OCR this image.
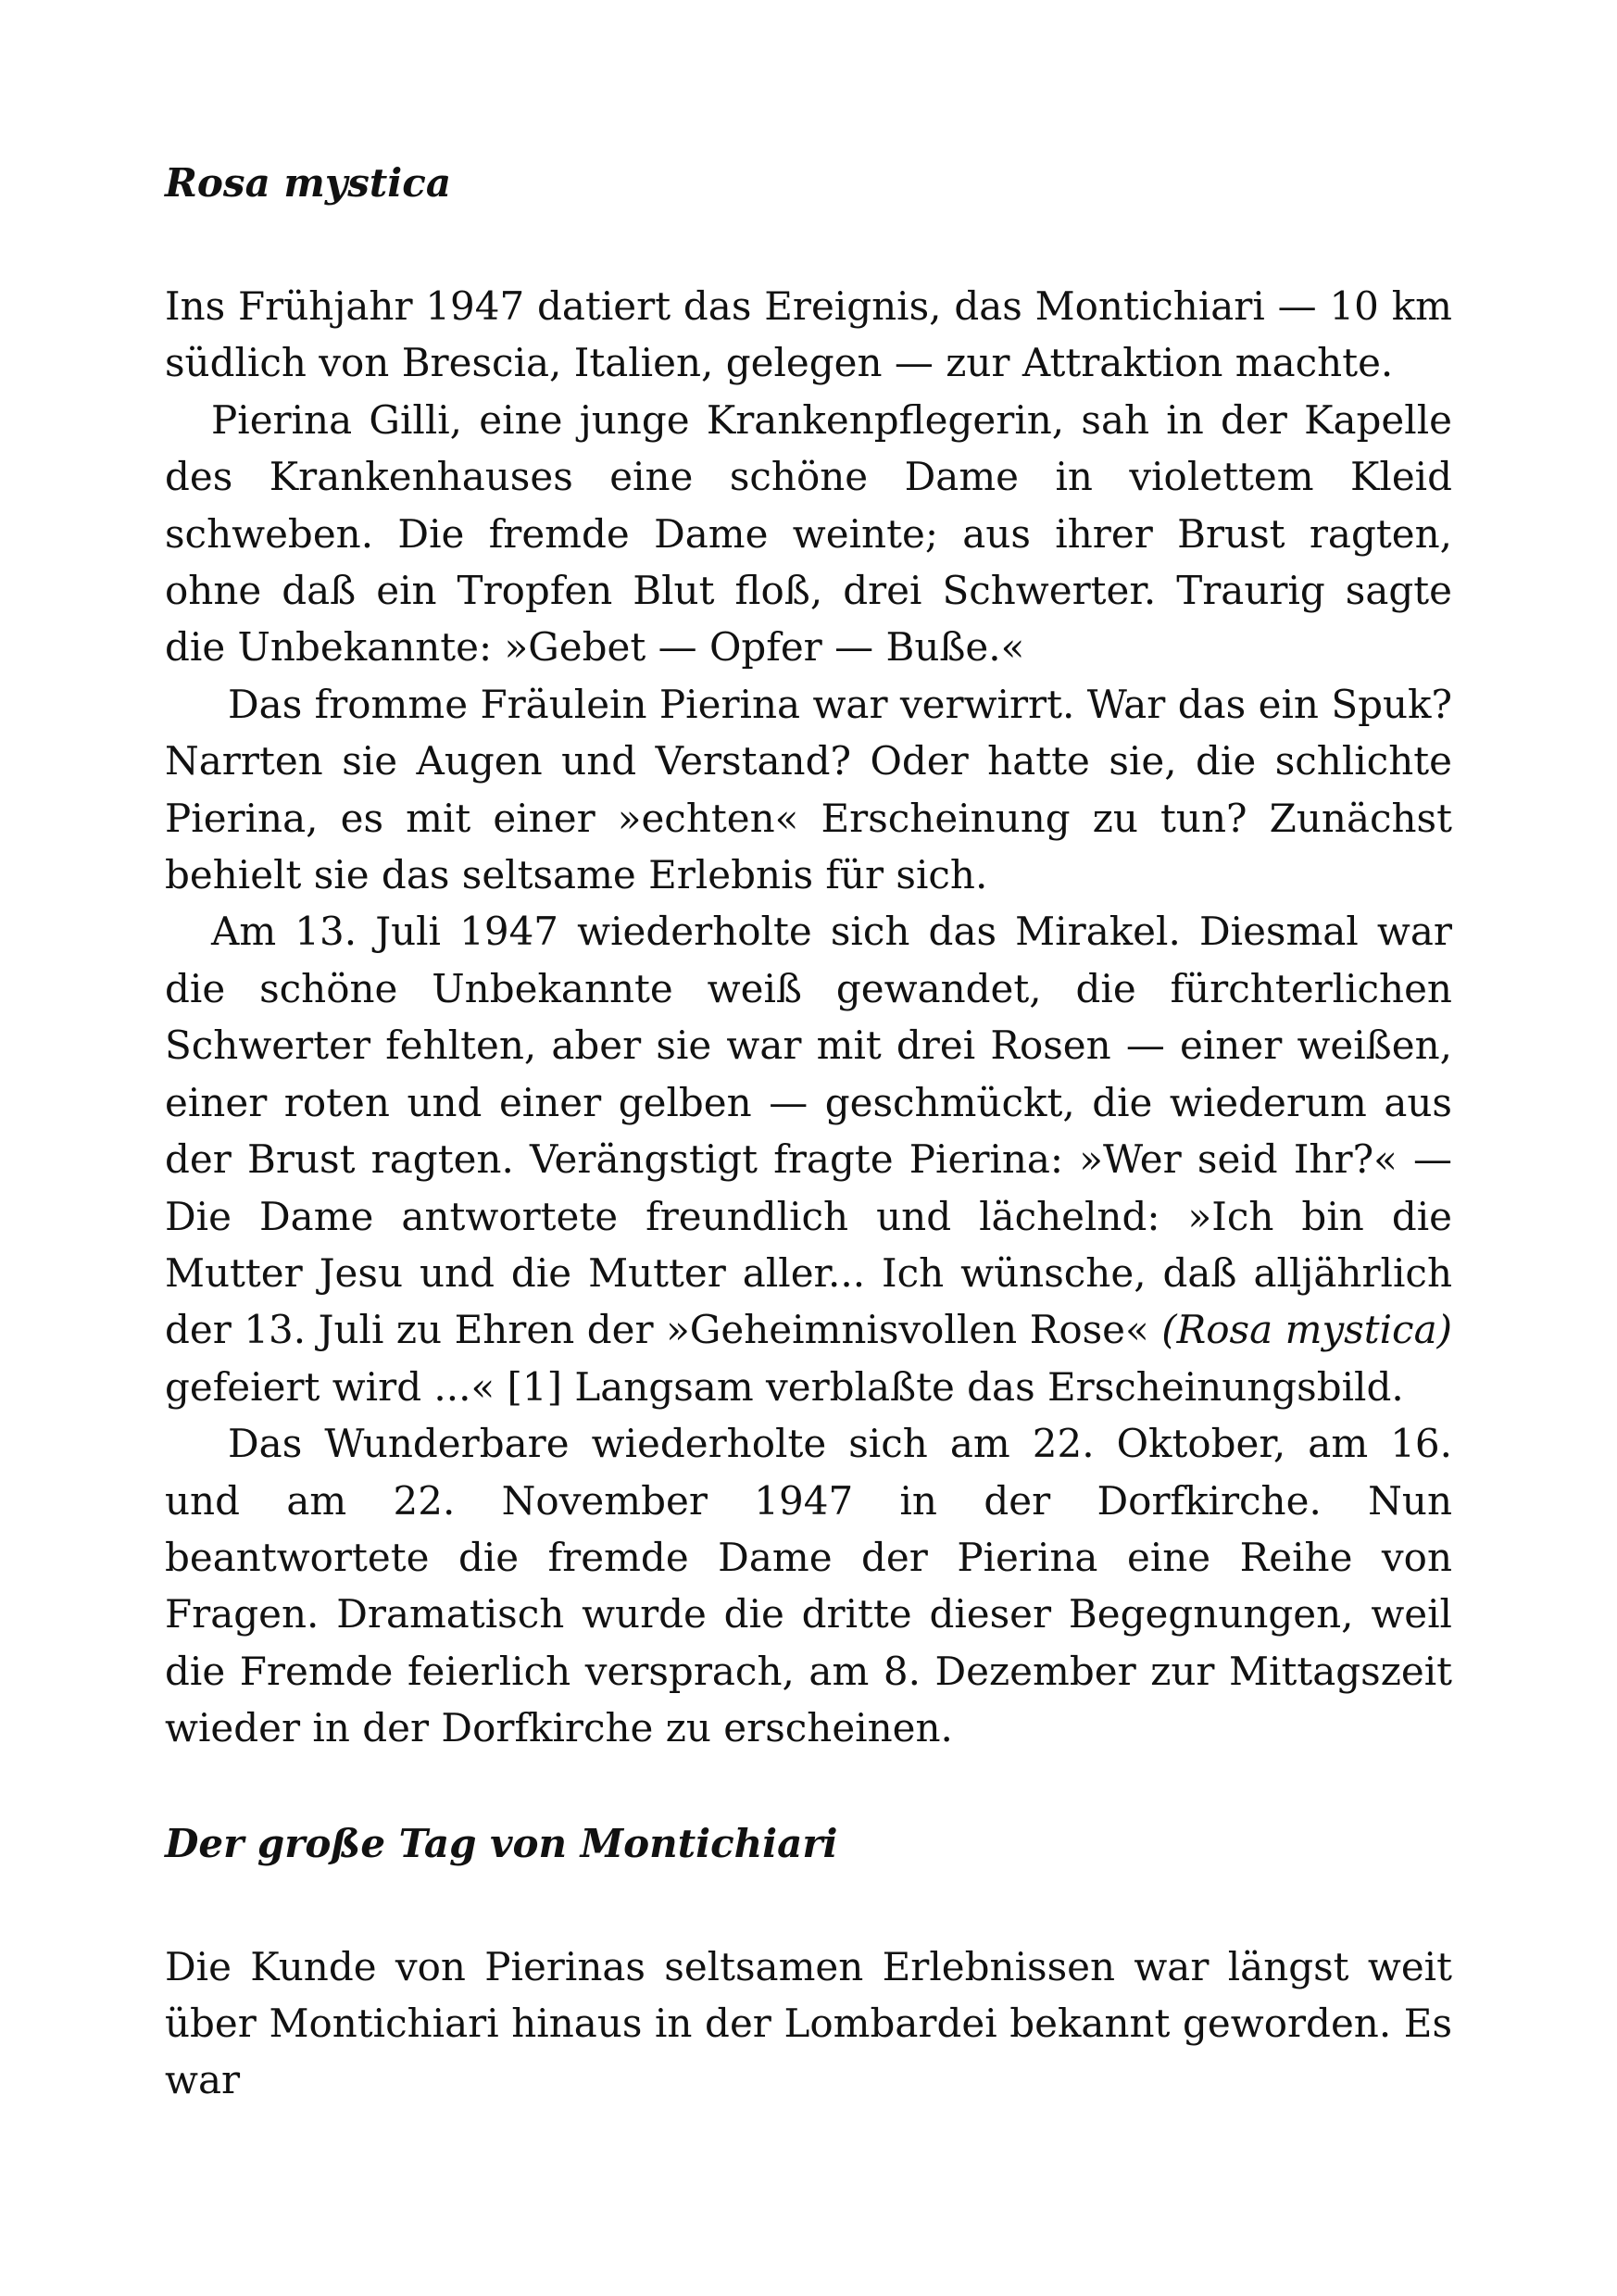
Rosa mystica

Ins Frühjahr 1947 datiert das Ereignis, das Montichiari — 10 km südlich von Brescia, Italien, gelegen — zur Attraktion machte.

Pierina Gilli, eine junge Krankenpflegerin, sah in der Kapelle des Krankenhauses eine schöne Dame in violettem Kleid schweben. Die fremde Dame weinte; aus ihrer Brust ragten, ohne daß ein Tropfen Blut floß, drei Schwerter. Traurig sagte die Unbekannte: »Gebet — Opfer — Buße.«

Das fromme Fräulein Pierina war verwirrt. War das ein Spuk? Narrten sie Augen und Verstand? Oder hatte sie, die schlichte Pierina, es mit einer »echten« Erscheinung zu tun? Zunächst behielt sie das seltsame Erlebnis für sich.

Am 13. Juli 1947 wiederholte sich das Mirakel. Diesmal war die schöne Unbekannte weiß gewandet, die fürchterlichen Schwerter fehlten, aber sie war mit drei Rosen — einer weißen, einer roten und einer gelben — geschmückt, die wiederum aus der Brust ragten. Verängstigt fragte Pierina: »Wer seid Ihr?« — Die Dame antwortete freundlich und lächelnd: »Ich bin die Mutter Jesu und die Mutter aller... Ich wünsche, daß alljährlich der 13. Juli zu Ehren der »Geheimnisvollen Rose« (Rosa mystica) gefeiert wird ...« [1] Langsam verblaßte das Erscheinungsbild.

Das Wunderbare wiederholte sich am 22. Oktober, am 16. und am 22. November 1947 in der Dorfkirche. Nun beantwortete die fremde Dame der Pierina eine Reihe von Fragen. Dramatisch wurde die dritte dieser Begegnungen, weil die Fremde feierlich versprach, am 8. Dezember zur Mittagszeit wieder in der Dorfkirche zu erscheinen.

Der große Tag von Montichiari

Die Kunde von Pierinas seltsamen Erlebnissen war längst weit über Montichiari hinaus in der Lombardei bekannt geworden. Es war
